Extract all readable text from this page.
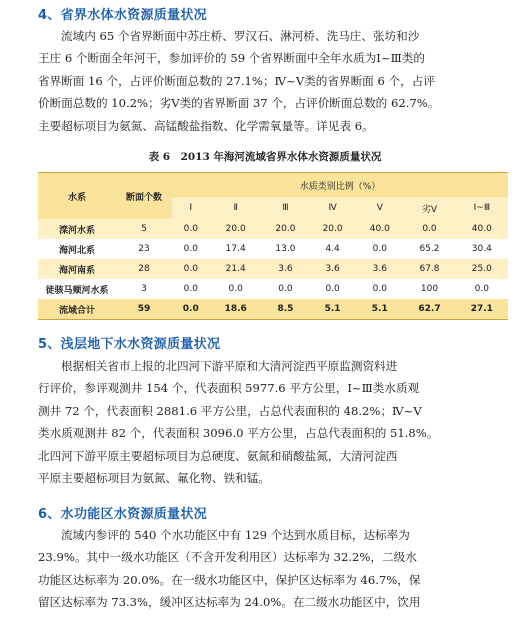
4、省界水体水资源质量状况
流域内 65 个省界断面中苏庄桥、罗汉石、淋河桥、洗马庄、张坊和沙
王庄 6 个断面全年河干，参加评价的 59 个省界断面中全年水质为Ⅰ~Ⅲ类的
省界断面 16 个，占评价断面总数的 27.1%；Ⅳ~Ⅴ类的省界断面 6 个，占评
价断面总数的 10.2%；劣Ⅴ类的省界断面 37 个，占评价断面总数的 62.7%。
主要超标项目为氨氮、高锰酸盐指数、化学需氧量等。详见表 6。
表 6　2013 年海河流域省界水体水资源质量状况
水系	断面个数	水质类别比例（%）						
		Ⅰ	Ⅱ	Ⅲ	Ⅳ	Ⅴ	劣Ⅴ	Ⅰ~Ⅲ
滦河水系	5	0.0	20.0	20.0	20.0	40.0	0.0	40.0
海河北系	23	0.0	17.4	13.0	4.4	0.0	65.2	30.4
海河南系	28	0.0	21.4	3.6	3.6	3.6	67.8	25.0
徒骇马颊河水系	3	0.0	0.0	0.0	0.0	0.0	100	0.0
流域合计	59	0.0	18.6	8.5	5.1	5.1	62.7	27.1
5、浅层地下水水资源质量状况
根据相关省市上报的北四河下游平原和大清河淀西平原监测资料进
行评价，参评观测井 154 个，代表面积 5977.6 平方公里，Ⅰ~Ⅲ类水质观
测井 72 个，代表面积 2881.6 平方公里，占总代表面积的 48.2%；Ⅳ~Ⅴ
类水质观测井 82 个，代表面积 3096.0 平方公里，占总代表面积的 51.8%。
北四河下游平原主要超标项目为总硬度、氨氮和硝酸盐氮，大清河淀西
平原主要超标项目为氨氮、氟化物、铁和锰。
6、水功能区水资源质量状况
流域内参评的 540 个水功能区中有 129 个达到水质目标，达标率为
23.9%。其中一级水功能区（不含开发利用区）达标率为 32.2%，二级水
功能区达标率为 20.0%。在一级水功能区中，保护区达标率为 46.7%，保
留区达标率为 73.3%，缓冲区达标率为 24.0%。在二级水功能区中，饮用
